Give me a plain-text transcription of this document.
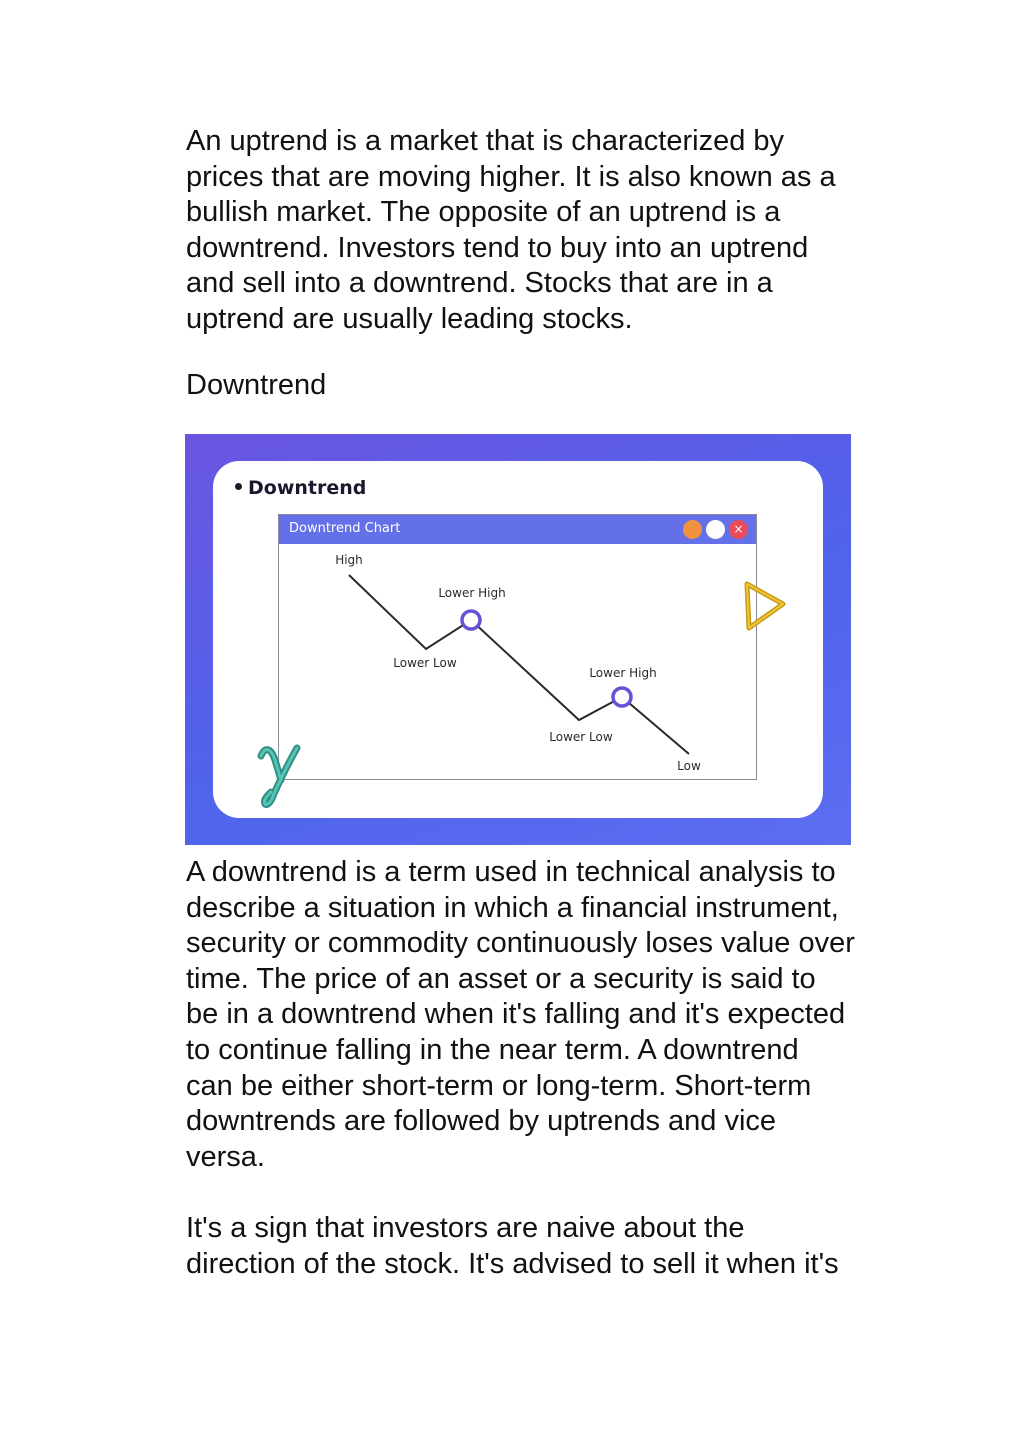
An uptrend is a market that is characterized by
prices that are moving higher. It is also known as a
bullish market. The opposite of an uptrend is a
downtrend. Investors tend to buy into an uptrend
and sell into a downtrend. Stocks that are in a
uptrend are usually leading stocks.

Downtrend

Downtrend
Downtrend Chart	×
High
Lower Low
Lower High
Lower Low
Lower High
Low

A downtrend is a term used in technical analysis to
describe a situation in which a financial instrument,
security or commodity continuously loses value over
time. The price of an asset or a security is said to
be in a downtrend when it's falling and it's expected
to continue falling in the near term. A downtrend
can be either short-term or long-term. Short-term
downtrends are followed by uptrends and vice
versa.

It's a sign that investors are naive about the
direction of the stock. It's advised to sell it when it's
